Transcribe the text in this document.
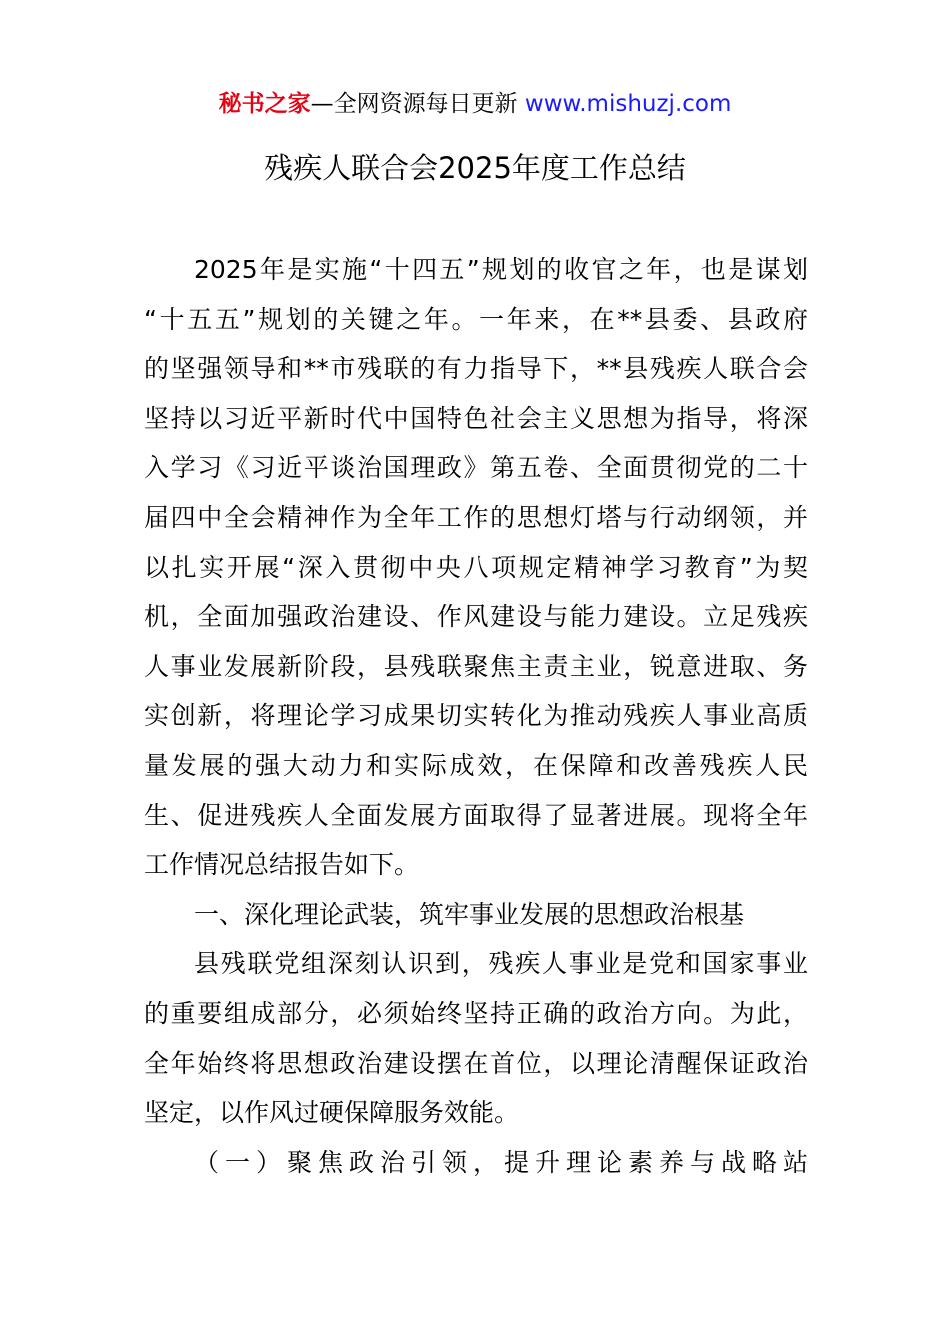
秘书之家—全网资源每日更新 www.mishuzj.com
残疾人联合会2025年度工作总结
2025年是实施“十四五”规划的收官之年，也是谋划
“十五五”规划的关键之年。一年来，在**县委、县政府
的坚强领导和**市残联的有力指导下，**县残疾人联合会
坚持以习近平新时代中国特色社会主义思想为指导，将深
入学习《习近平谈治国理政》第五卷、全面贯彻党的二十
届四中全会精神作为全年工作的思想灯塔与行动纲领，并
以扎实开展“深入贯彻中央八项规定精神学习教育”为契
机，全面加强政治建设、作风建设与能力建设。立足残疾
人事业发展新阶段，县残联聚焦主责主业，锐意进取、务
实创新，将理论学习成果切实转化为推动残疾人事业高质
量发展的强大动力和实际成效，在保障和改善残疾人民
生、促进残疾人全面发展方面取得了显著进展。现将全年
工作情况总结报告如下。
一、深化理论武装，筑牢事业发展的思想政治根基
县残联党组深刻认识到，残疾人事业是党和国家事业
的重要组成部分，必须始终坚持正确的政治方向。为此，
全年始终将思想政治建设摆在首位，以理论清醒保证政治
坚定，以作风过硬保障服务效能。
（一）聚焦政治引领，提升理论素养与战略站
